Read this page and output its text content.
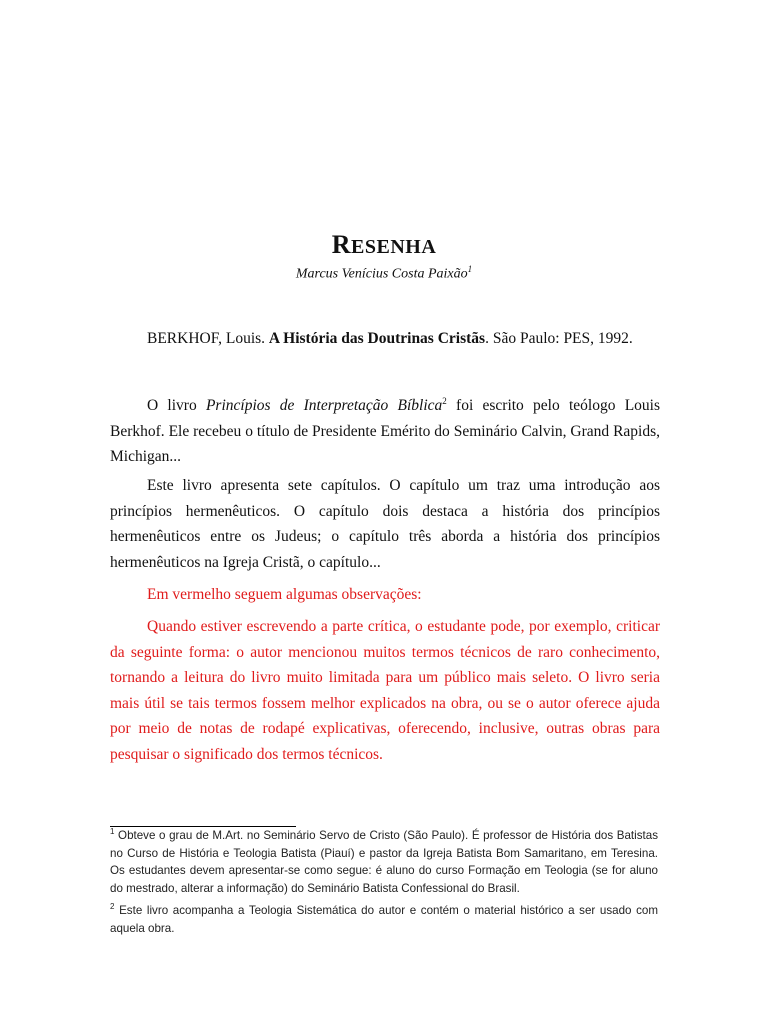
RESENHA
Marcus Venícius Costa Paixão$^1$
BERKHOF, Louis. A História das Doutrinas Cristãs. São Paulo: PES, 1992.

O livro Princípios de Interpretação Bíblica$^2$ foi escrito pelo teólogo Louis Berkhof. Ele recebeu o título de Presidente Emérito do Seminário Calvin, Grand Rapids, Michigan...

Este livro apresenta sete capítulos. O capítulo um traz uma introdução aos princípios hermenêuticos. O capítulo dois destaca a história dos princípios hermenêuticos entre os Judeus; o capítulo três aborda a história dos princípios hermenêuticos na Igreja Cristã, o capítulo...

Em vermelho seguem algumas observações:

Quando estiver escrevendo a parte crítica, o estudante pode, por exemplo, criticar da seguinte forma: o autor mencionou muitos termos técnicos de raro conhecimento, tornando a leitura do livro muito limitada para um público mais seleto. O livro seria mais útil se tais termos fossem melhor explicados na obra, ou se o autor oferece ajuda por meio de notas de rodapé explicativas, oferecendo, inclusive, outras obras para pesquisar o significado dos termos técnicos.

$^1$ Obteve o grau de M.Art. no Seminário Servo de Cristo (São Paulo). É professor de História dos Batistas no Curso de História e Teologia Batista (Piauí) e pastor da Igreja Batista Bom Samaritano, em Teresina. Os estudantes devem apresentar-se como segue: é aluno do curso Formação em Teologia (se for aluno do mestrado, alterar a informação) do Seminário Batista Confessional do Brasil.

$^2$ Este livro acompanha a Teologia Sistemática do autor e contém o material histórico a ser usado com aquela obra.
